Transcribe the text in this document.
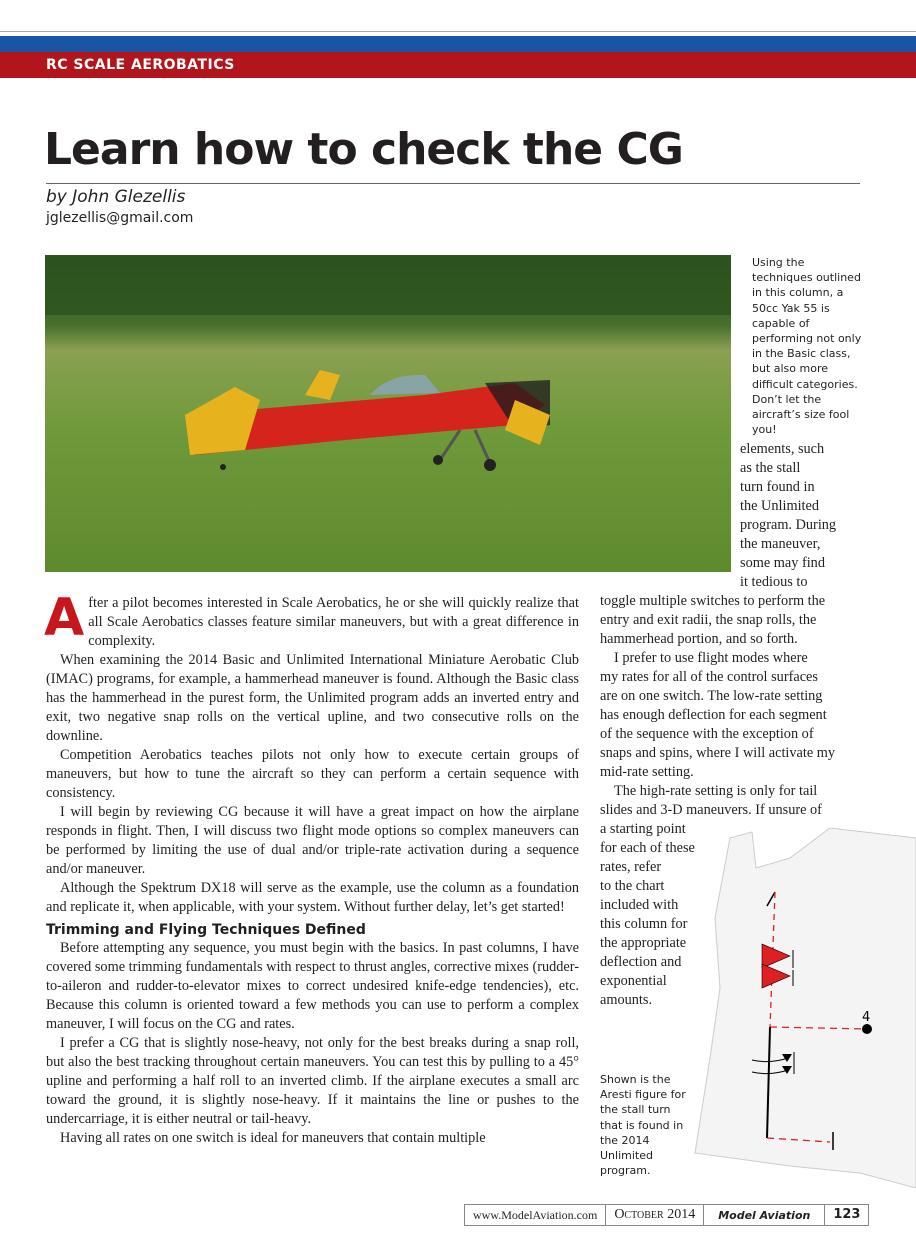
RC SCALE AEROBATICS
Learn how to check the CG
by John Glezellis
jglezellis@gmail.com
Using the techniques outlined in this column, a 50cc Yak 55 is capable of performing not only in the Basic class, but also more difficult categories. Don’t let the aircraft’s size fool you!

After a pilot becomes interested in Scale Aerobatics, he or she will quickly realize that all Scale Aerobatics classes feature similar maneuvers, but with a great difference in complexity.

When examining the 2014 Basic and Unlimited International Miniature Aerobatic Club (IMAC) programs, for example, a hammerhead maneuver is found. Although the Basic class has the hammerhead in the purest form, the Unlimited program adds an inverted entry and exit, two negative snap rolls on the vertical upline, and two consecutive rolls on the downline.

Competition Aerobatics teaches pilots not only how to execute certain groups of maneuvers, but how to tune the aircraft so they can perform a certain sequence with consistency.

I will begin by reviewing CG because it will have a great impact on how the airplane responds in flight. Then, I will discuss two flight mode options so complex maneuvers can be performed by limiting the use of dual and/or triple-rate activation during a sequence and/or maneuver.

Although the Spektrum DX18 will serve as the example, use the column as a foundation and replicate it, when applicable, with your system. Without further delay, let’s get started!

Trimming and Flying Techniques Defined

Before attempting any sequence, you must begin with the basics. In past columns, I have covered some trimming fundamentals with respect to thrust angles, corrective mixes (rudder-to-aileron and rudder-to-elevator mixes to correct undesired knife-edge tendencies), etc. Because this column is oriented toward a few methods you can use to perform a complex maneuver, I will focus on the CG and rates.

I prefer a CG that is slightly nose-heavy, not only for the best breaks during a snap roll, but also the best tracking throughout certain maneuvers. You can test this by pulling to a 45° upline and performing a half roll to an inverted climb. If the airplane executes a small arc toward the ground, it is slightly nose-heavy. If it maintains the line or pushes to the undercarriage, it is either neutral or tail-heavy.

Having all rates on one switch is ideal for maneuvers that contain multiple

elements, such
as the stall
turn found in
the Unlimited
program. During
the maneuver,
some may find
it tedious to
toggle multiple switches to perform the
entry and exit radii, the snap rolls, the
hammerhead portion, and so forth.
I prefer to use flight modes where
my rates for all of the control surfaces
are on one switch. The low-rate setting
has enough deflection for each segment
of the sequence with the exception of
snaps and spins, where I will activate my
mid-rate setting.
The high-rate setting is only for tail
slides and 3-D maneuvers. If unsure of
a starting point
for each of these
rates, refer
to the chart
included with
this column for
the appropriate
deflection and
exponential
amounts.
4
Shown is the Aresti figure for the stall turn that is found in the 2014 Unlimited program.
www.ModelAviation.com	October 2014	Model Aviation	123
